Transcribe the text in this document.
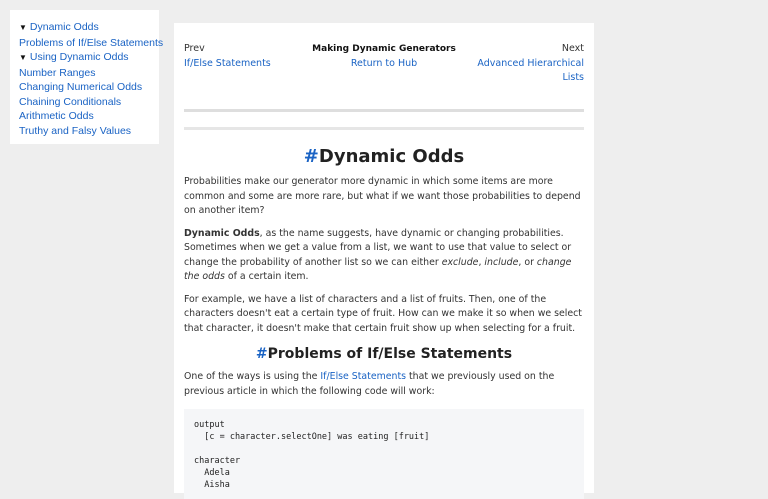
▼ Dynamic Odds
Problems of If/Else Statements
▼ Using Dynamic Odds
Number Ranges
Changing Numerical Odds
Chaining Conditionals
Arithmetic Odds
Truthy and Falsy Values
Prev
If/Else Statements
Making Dynamic Generators
Return to Hub
Next
Advanced Hierarchical Lists
#Dynamic Odds

Probabilities make our generator more dynamic in which some items are more common and some are more rare, but what if we want those probabilities to depend on another item?

Dynamic Odds, as the name suggests, have dynamic or changing probabilities. Sometimes when we get a value from a list, we want to use that value to select or change the probability of another list so we can either exclude, include, or change the odds of a certain item.

For example, we have a list of characters and a list of fruits. Then, one of the characters doesn't eat a certain type of fruit. How can we make it so when we select that character, it doesn't make that certain fruit show up when selecting for a fruit.

#Problems of If/Else Statements

One of the ways is using the If/Else Statements that we previously used on the previous article in which the following code will work:

output
[c = character.selectOne] was eating [fruit]

character
Adela
Aisha
